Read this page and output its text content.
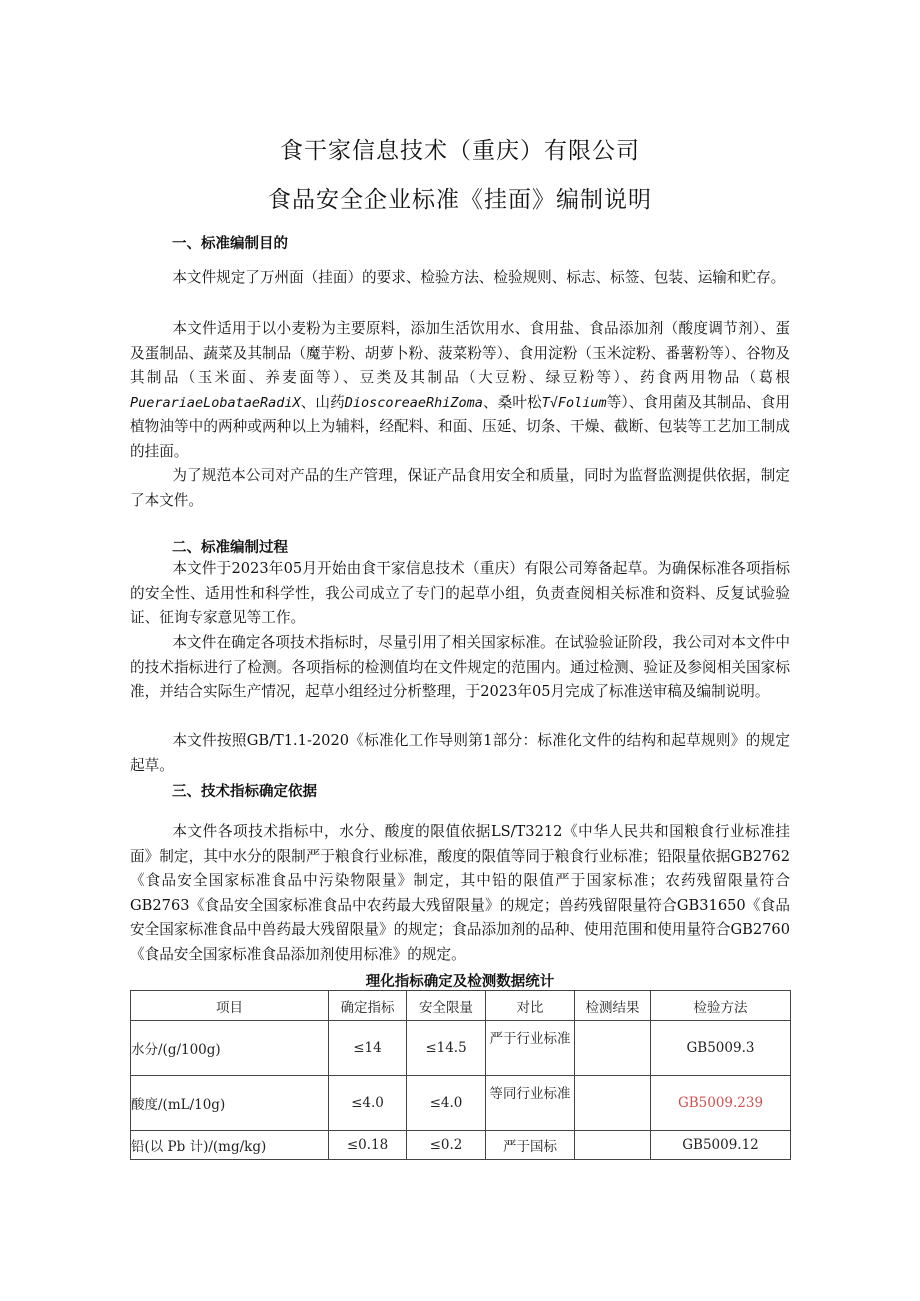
食干家信息技术（重庆）有限公司
食品安全企业标准《挂面》编制说明
一、标准编制目的

本文件规定了万州面（挂面）的要求、检验方法、检验规则、标志、标签、包装、运输和贮存。

本文件适用于以小麦粉为主要原料，添加生活饮用水、食用盐、食品添加剂（酸度调节剂）、蛋及蛋制品、蔬菜及其制品（魔芋粉、胡萝卜粉、菠菜粉等）、食用淀粉（玉米淀粉、番薯粉等）、谷物及其制品（玉米面、养麦面等）、豆类及其制品（大豆粉、绿豆粉等）、药食两用物品（葛根PuerariaeLobataeRadiX、山药DioscoreaeRhiZoma、桑叶松T√Folium等）、食用菌及其制品、食用植物油等中的两种或两种以上为辅料，经配料、和面、压延、切条、干燥、截断、包装等工艺加工制成的挂面。

为了规范本公司对产品的生产管理，保证产品食用安全和质量，同时为监督监测提供依据，制定了本文件。

二、标准编制过程

本文件于2023年05月开始由食干家信息技术（重庆）有限公司筹备起草。为确保标准各项指标的安全性、适用性和科学性，我公司成立了专门的起草小组，负责查阅相关标准和资料、反复试验验证、征询专家意见等工作。

本文件在确定各项技术指标时，尽量引用了相关国家标准。在试验验证阶段，我公司对本文件中的技术指标进行了检测。各项指标的检测值均在文件规定的范围内。通过检测、验证及参阅相关国家标准，并结合实际生产情况，起草小组经过分析整理，于2023年05月完成了标准送审稿及编制说明。

本文件按照GB/T1.1-2020《标准化工作导则第1部分：标准化文件的结构和起草规则》的规定起草。

三、技术指标确定依据

本文件各项技术指标中，水分、酸度的限值依据LS/T3212《中华人民共和国粮食行业标准挂面》制定，其中水分的限制严于粮食行业标准，酸度的限值等同于粮食行业标准；铅限量依据GB2762《食品安全国家标准食品中污染物限量》制定，其中铅的限值严于国家标准；农药残留限量符合GB2763《食品安全国家标准食品中农药最大残留限量》的规定；兽药残留限量符合GB31650《食品安全国家标准食品中兽药最大残留限量》的规定；食品添加剂的品种、使用范围和使用量符合GB2760《食品安全国家标准食品添加剂使用标准》的规定。

理化指标确定及检测数据统计
项目	确定指标	安全限量	对比	检测结果	检验方法
水分/(g/100g)	≤14	≤14.5	严于行业标准		GB5009.3
酸度/(mL/10g)	≤4.0	≤4.0	等同行业标准		GB5009.239
铅(以 Pb 计)/(mg/kg)	≤0.18	≤0.2	严于国标		GB5009.12
